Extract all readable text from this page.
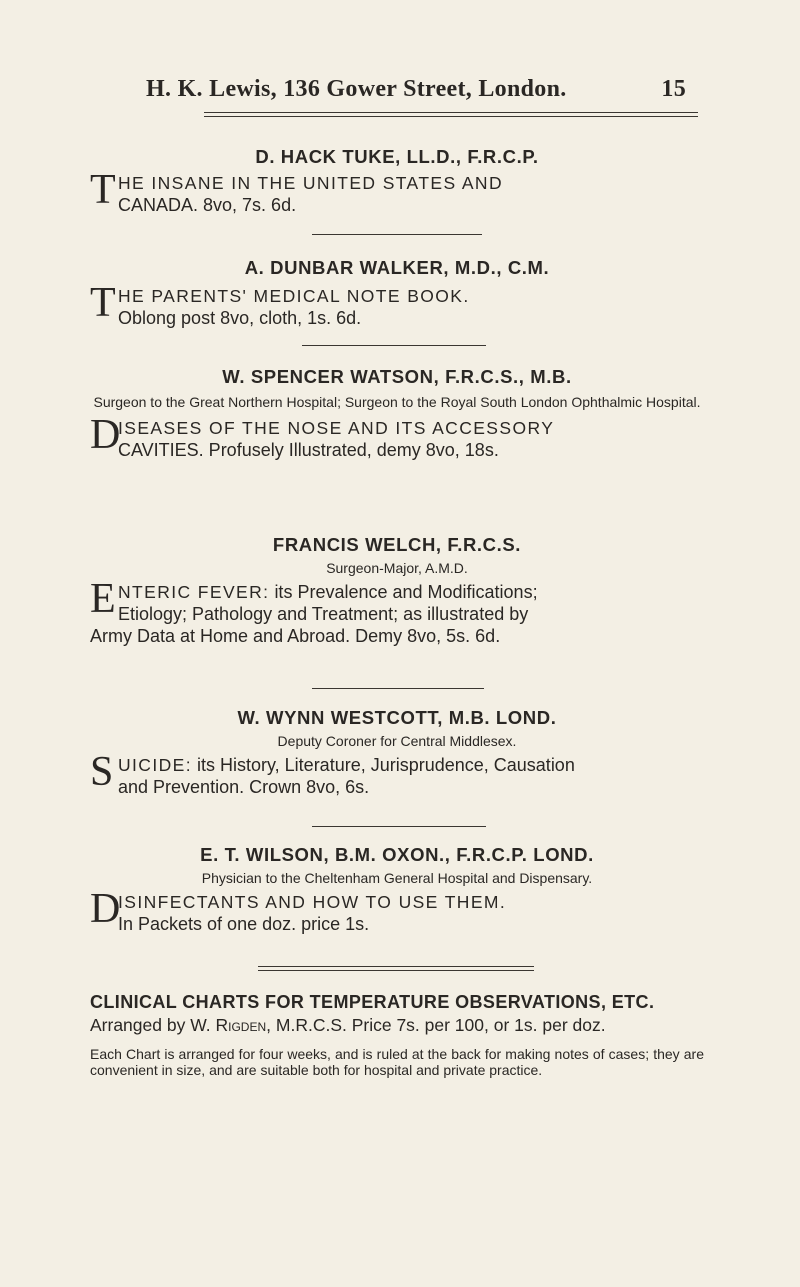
H. K. Lewis, 136 Gower Street, London.	15

D. HACK TUKE, LL.D., F.R.C.P.

T HE INSANE IN THE UNITED STATES AND
CANADA. 8vo, 7s. 6d.

A. DUNBAR WALKER, M.D., C.M.

T HE PARENTS' MEDICAL NOTE BOOK.
Oblong post 8vo, cloth, 1s. 6d.

W. SPENCER WATSON, F.R.C.S., M.B.

Surgeon to the Great Northern Hospital; Surgeon to the Royal South London Ophthalmic Hospital.

D

ISEASES OF THE NOSE AND ITS ACCESSORY
CAVITIES. Profusely Illustrated, demy 8vo, 18s.

FRANCIS WELCH, F.R.C.S.

Surgeon-Major, A.M.D.

E NTERIC FEVER: its Prevalence and Modifications;
Etiology; Pathology and Treatment; as illustrated by
Army Data at Home and Abroad. Demy 8vo, 5s. 6d.

W. WYNN WESTCOTT, M.B. LOND.

Deputy Coroner for Central Middlesex.

S UICIDE: its History, Literature, Jurisprudence, Causation
and Prevention. Crown 8vo, 6s.

E. T. WILSON, B.M. OXON., F.R.C.P. LOND.

Physician to the Cheltenham General Hospital and Dispensary.

D

ISINFECTANTS AND HOW TO USE THEM.
In Packets of one doz. price 1s.

CLINICAL CHARTS FOR TEMPERATURE OBSERVATIONS, ETC.

Arranged by W. Rigden, M.R.C.S. Price 7s. per 100, or 1s. per doz.

Each Chart is arranged for four weeks, and is ruled at the back for making notes of cases; they are convenient in size, and are suitable both for hospital and private practice.
